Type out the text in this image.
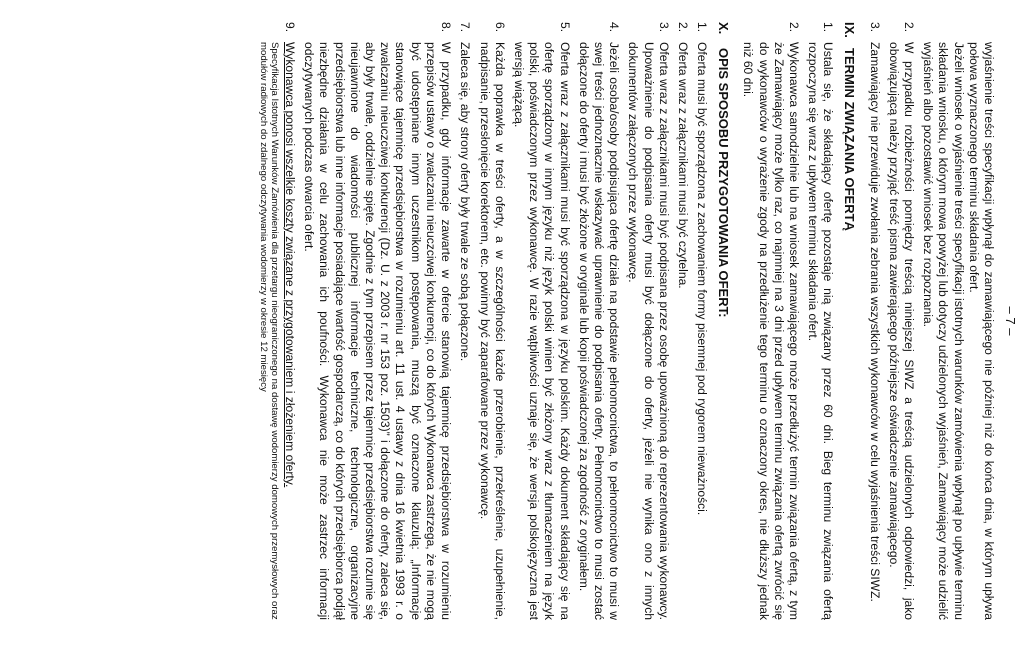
– 7 –

wyjaśnienie treści specyfikacji wpłynął do zamawiającego nie później niż do końca dnia, w którym upływa połowa wyznaczonego terminu składania ofert.

Jeżeli wniosek o wyjaśnienie treści specyfikacji istotnych warunków zamówienia wpłynął po upływie terminu składania wniosku, o którym mowa powyżej lub dotyczy udzielonych wyjaśnień, Zamawiający może udzielić wyjaśnień albo pozostawić wniosek bez rozpoznania.

2.
W przypadku rozbieżności pomiędzy treścią niniejszej SIWZ a treścią udzielonych odpowiedzi, jako obowiązującą należy przyjąć treść pisma zawierającego późniejsze oświadczenie zamawiającego.
3.
Zamawiający nie przewiduje zwołania zebrania wszystkich wykonawców w celu wyjaśnienia treści SIWZ.
IX.
TERMIN ZWIĄZANIA OFERTĄ
1.
Ustala się, że składający ofertę pozostaje nią związany przez 60 dni. Bieg terminu związania ofertą rozpoczyna się wraz z upływem terminu składania ofert.
2.
Wykonawca samodzielnie lub na wniosek zamawiającego może przedłużyć termin związania ofertą, z tym że Zamawiający może tylko raz, co najmniej na 3 dni przed upływem terminu związania ofertą zwrócić się do wykonawców o wyrażenie zgody na przedłużenie tego terminu o oznaczony okres, nie dłuższy jednak niż 60 dni.
X.
OPIS SPOSOBU PRZYGOTOWANIA OFERT:
1.
Oferta musi być sporządzona z zachowaniem formy pisemnej pod rygorem nieważności.
2.
Oferta wraz z załącznikami musi być czytelna.
3.
Oferta wraz z załącznikami musi być podpisana przez osobę upoważnioną do reprezentowania wykonawcy. Upoważnienie do podpisania oferty musi być dołączone do oferty, jeżeli nie wynika ono z innych dokumentów załączonych przez wykonawcę.
4.
Jeżeli osoba/osoby podpisująca ofertę działa na podstawie pełnomocnictwa, to pełnomocnictwo to musi w swej treści jednoznacznie wskazywać uprawnienie do podpisania oferty. Pełnomocnictwo to musi zostać dołączone do oferty i musi być złożone w oryginale lub kopii poświadczonej za zgodność z oryginałem.
5.
Oferta wraz z załącznikami musi być sporządzona w języku polskim. Każdy dokument składający się na ofertę sporządzony w innym języku niż język polski winien być złożony wraz z tłumaczeniem na język polski, poświadczonym przez wykonawcę. W razie wątpliwości uznaje się, że wersja polskojęzyczna jest wersją wiążącą.
6.
Każda poprawka w treści oferty, a w szczególności każde przerobienie, przekreślenie, uzupełnienie, nadpisanie, przesłonięcie korektorem, etc. powinny być zaparafowane przez wykonawcę.
7.
Zaleca się, aby strony oferty były trwale ze sobą połączone.
8.
W przypadku, gdy informacje zawarte w ofercie stanowią tajemnicę przedsiębiorstwa w rozumieniu przepisów ustawy o zwalczaniu nieuczciwej konkurencji, co do których Wykonawca zastrzega, że nie mogą być udostępniane innym uczestnikom postępowania, muszą być oznaczone klauzulą: „Informacje stanowiące tajemnicę przedsiębiorstwa w rozumieniu art. 11 ust. 4 ustawy z dnia 16 kwietnia 1993 r. o zwalczaniu nieuczciwej konkurencji (Dz. U. z 2003 r. nr 153 poz. 1503)” i dołączone do oferty, zaleca się, aby były trwale, oddzielnie spięte. Zgodnie z tym przepisem przez tajemnicę przedsiębiorstwa rozumie się nieujawnione do wiadomości publicznej informacje techniczne, technologiczne, organizacyjne przedsiębiorstwa lub inne informacje posiadające wartość gospodarczą, co do których przedsiębiorca podjął niezbędne działania w celu zachowania ich poufności. Wykonawca nie może zastrzec informacji odczytywanych podczas otwarcia ofert.
9.
Wykonawca ponosi wszelkie koszty związane z przygotowaniem i złożeniem oferty.
Specyfikacja Istotnych Warunków Zamówienia dla przetargu nieograniczonego na dostawę wodomierzy domowych przemysłowych oraz modułów radiowych do zdalnego odczytywania wodomierzy w okresie 12 miesięcy
